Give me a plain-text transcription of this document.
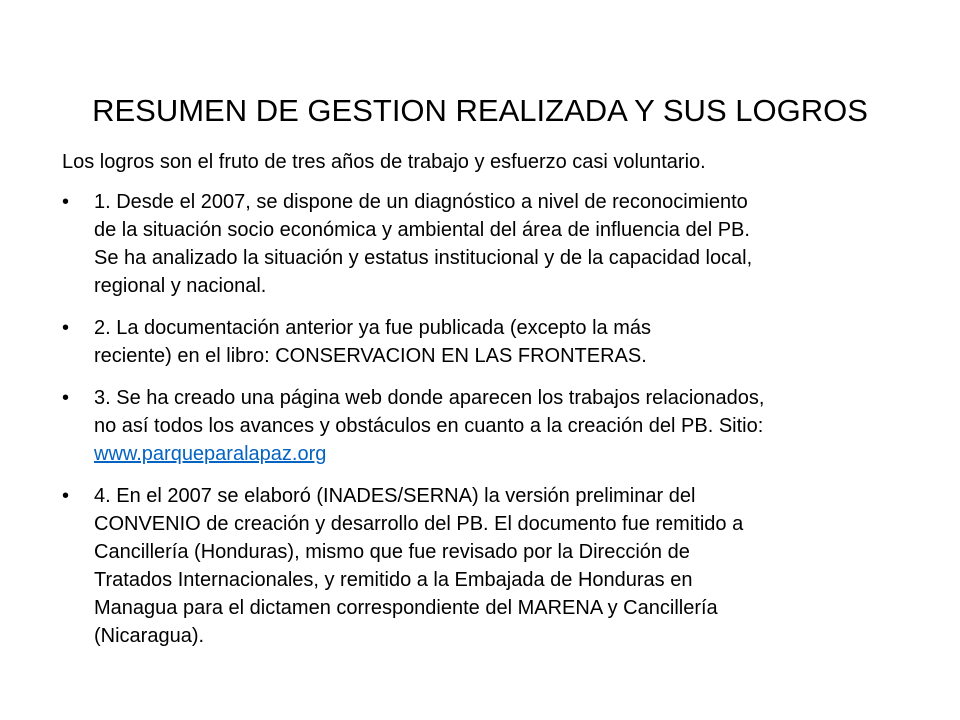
RESUMEN DE GESTION REALIZADA Y SUS LOGROS

Los logros son el fruto de tres años de trabajo y esfuerzo casi voluntario.

• 1. Desde el 2007, se dispone de un diagnóstico a nivel de reconocimiento
de la situación socio económica y ambiental del área de influencia del PB.
Se ha analizado la situación y estatus institucional y de la capacidad local,
regional y nacional.
• 2. La documentación anterior ya fue publicada (excepto la más
reciente) en el libro: CONSERVACION EN LAS FRONTERAS.
• 3. Se ha creado una página web donde aparecen los trabajos relacionados,
no así todos los avances y obstáculos en cuanto a la creación del PB. Sitio:
www.parqueparalapaz.org
• 4. En el 2007 se elaboró (INADES/SERNA) la versión preliminar del
CONVENIO de creación y desarrollo del PB. El documento fue remitido a
Cancillería (Honduras), mismo que fue revisado por la Dirección de
Tratados Internacionales, y remitido a la Embajada de Honduras en
Managua para el dictamen correspondiente del MARENA y Cancillería
(Nicaragua).
